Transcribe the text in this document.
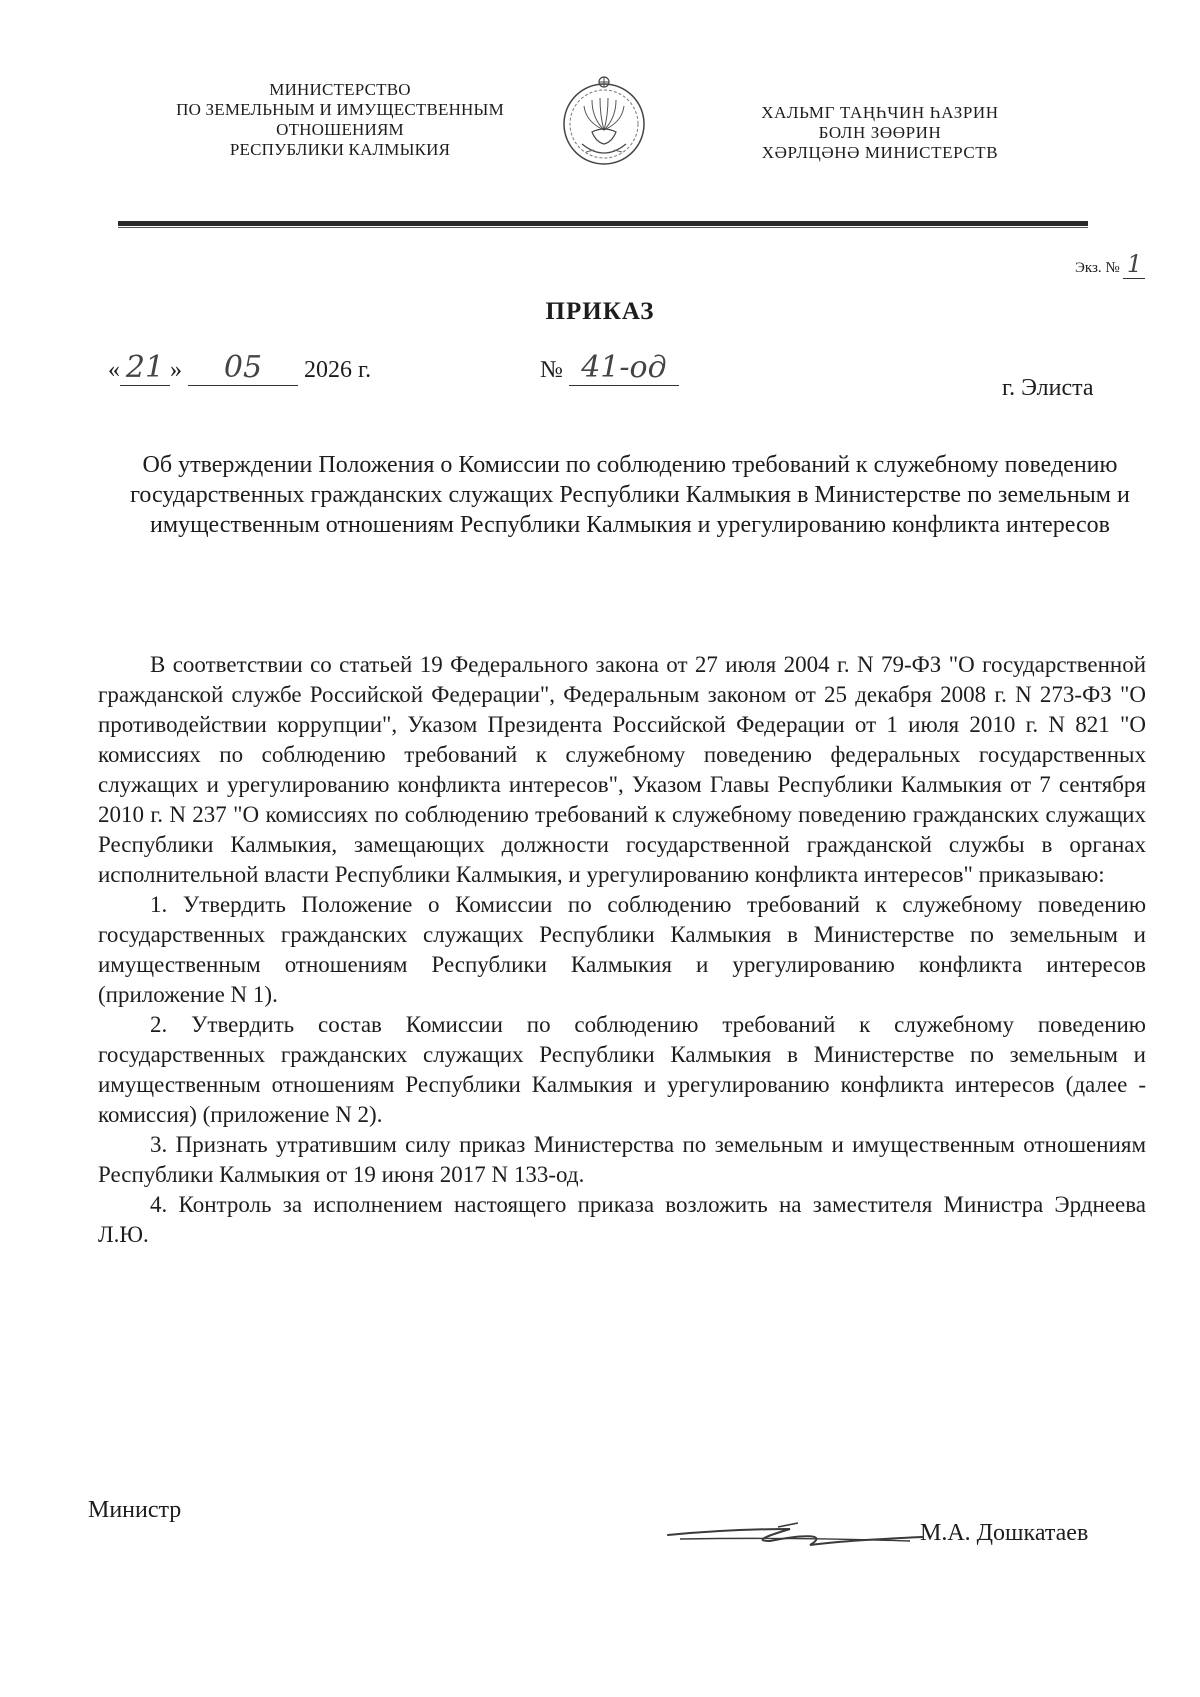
МИНИСТЕРСТВО
ПО ЗЕМЕЛЬНЫМ И ИМУЩЕСТВЕННЫМ
ОТНОШЕНИЯМ
РЕСПУБЛИКИ КАЛМЫКИЯ
ХАЛЬМГ ТАҢҺЧИН ҺАЗРИН
БОЛН ЗӨӨРИН
ХӘРЛЦӘНӘ МИНИСТЕРСТВ
Экз. № 1
ПРИКАЗ
« 21 » 05 2026 г.	№ 41-од
г. Элиста
Об утверждении Положения о Комиссии по соблюдению требований к служебному поведению государственных гражданских служащих Республики Калмыкия в Министерстве по земельным и имущественным отношениям Республики Калмыкия и урегулированию конфликта интересов

В соответствии со статьей 19 Федерального закона от 27 июля 2004 г. N 79-ФЗ "О государственной гражданской службе Российской Федерации", Федеральным законом от 25 декабря 2008 г. N 273-ФЗ "О противодействии коррупции", Указом Президента Российской Федерации от 1 июля 2010 г. N 821 "О комиссиях по соблюдению требований к служебному поведению федеральных государственных служащих и урегулированию конфликта интересов", Указом Главы Республики Калмыкия от 7 сентября 2010 г. N 237 "О комиссиях по соблюдению требований к служебному поведению гражданских служащих Республики Калмыкия, замещающих должности государственной гражданской службы в органах исполнительной власти Республики Калмыкия, и урегулированию конфликта интересов" приказываю:

1. Утвердить Положение о Комиссии по соблюдению требований к служебному поведению государственных гражданских служащих Республики Калмыкия в Министерстве по земельным и имущественным отношениям Республики Калмыкия и урегулированию конфликта интересов (приложение N 1).

2. Утвердить состав Комиссии по соблюдению требований к служебному поведению государственных гражданских служащих Республики Калмыкия в Министерстве по земельным и имущественным отношениям Республики Калмыкия и урегулированию конфликта интересов (далее - комиссия) (приложение N 2).

3. Признать утратившим силу приказ Министерства по земельным и имущественным отношениям Республики Калмыкия от 19 июня 2017 N 133-од.

4. Контроль за исполнением настоящего приказа возложить на заместителя Министра Эрднеева Л.Ю.

Министр
М.А. Дошкатаев
